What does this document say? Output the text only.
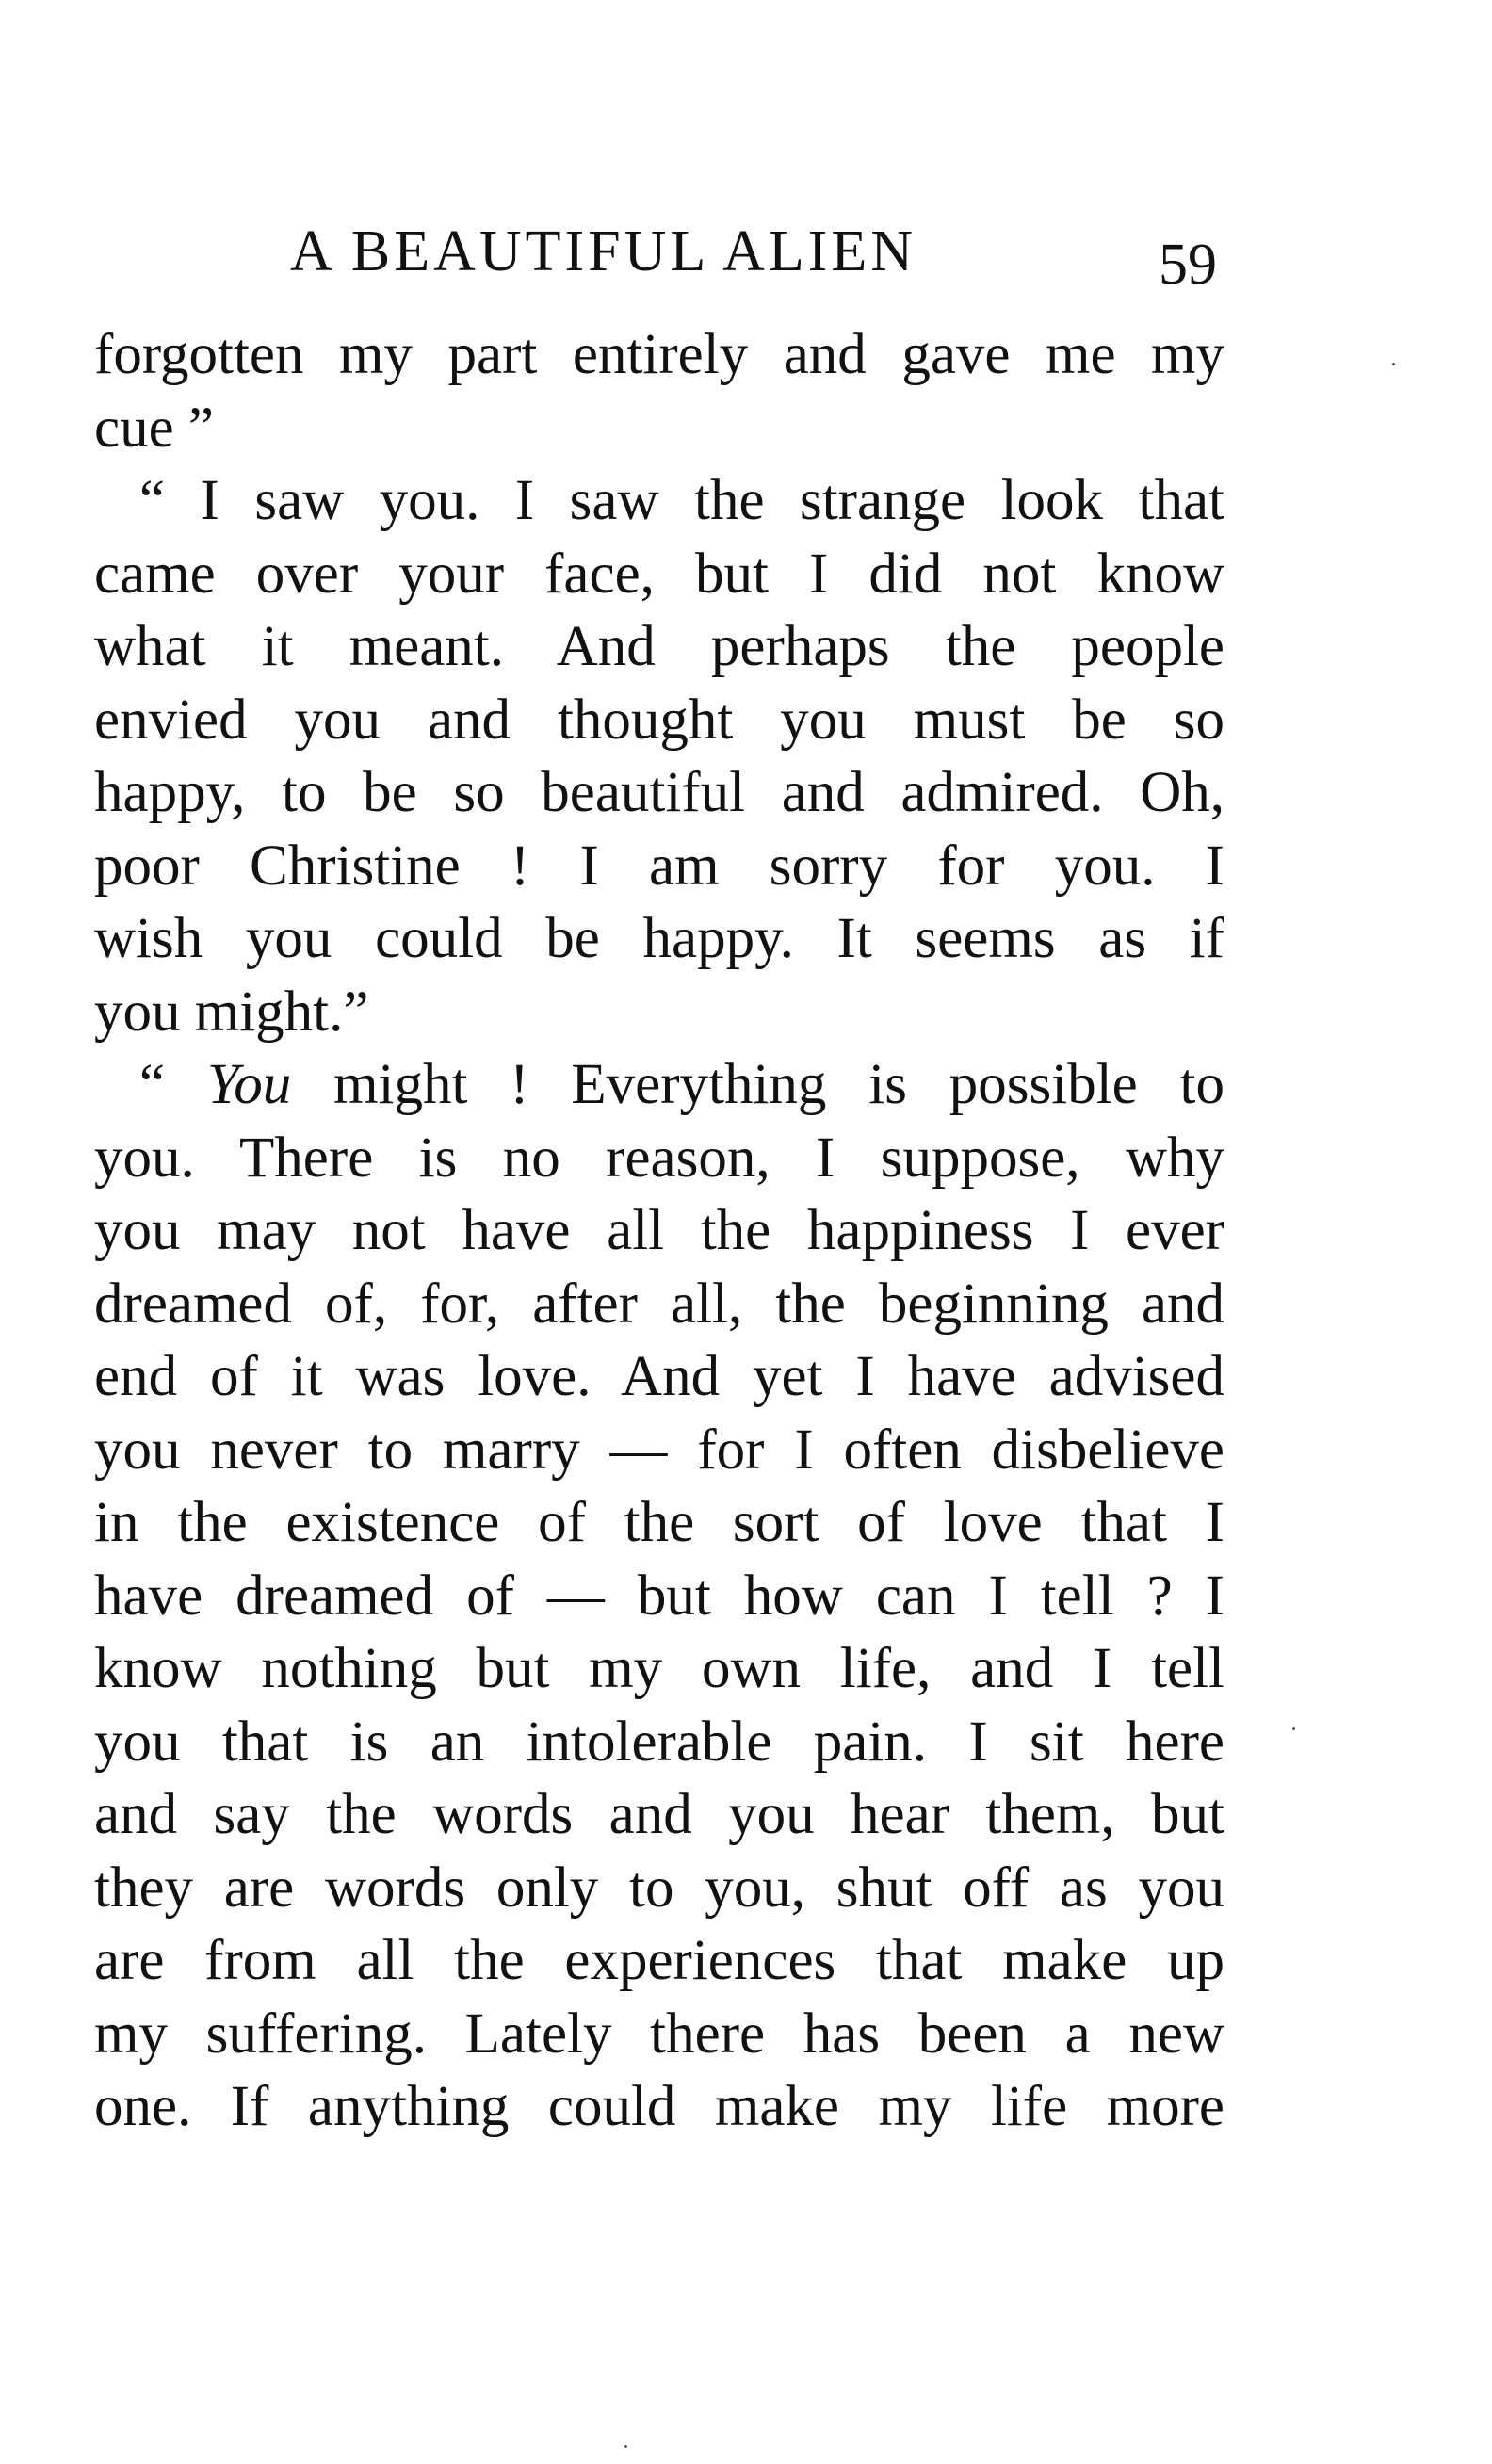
A BEAUTIFUL ALIEN	59
forgotten my part entirely and gave me my
cue ”
“ I saw you. I saw the strange look that
came over your face, but I did not know
what it meant. And perhaps the people
envied you and thought you must be so
happy, to be so beautiful and admired. Oh,
poor Christine ! I am sorry for you. I
wish you could be happy. It seems as if
you might.”
“ You might ! Everything is possible to
you. There is no reason, I suppose, why
you may not have all the happiness I ever
dreamed of, for, after all, the beginning and
end of it was love. And yet I have advised
you never to marry — for I often disbelieve
in the existence of the sort of love that I
have dreamed of — but how can I tell ? I
know nothing but my own life, and I tell
you that is an intolerable pain. I sit here
and say the words and you hear them, but
they are words only to you, shut off as you
are from all the experiences that make up
my suffering. Lately there has been a new
one. If anything could make my life more
